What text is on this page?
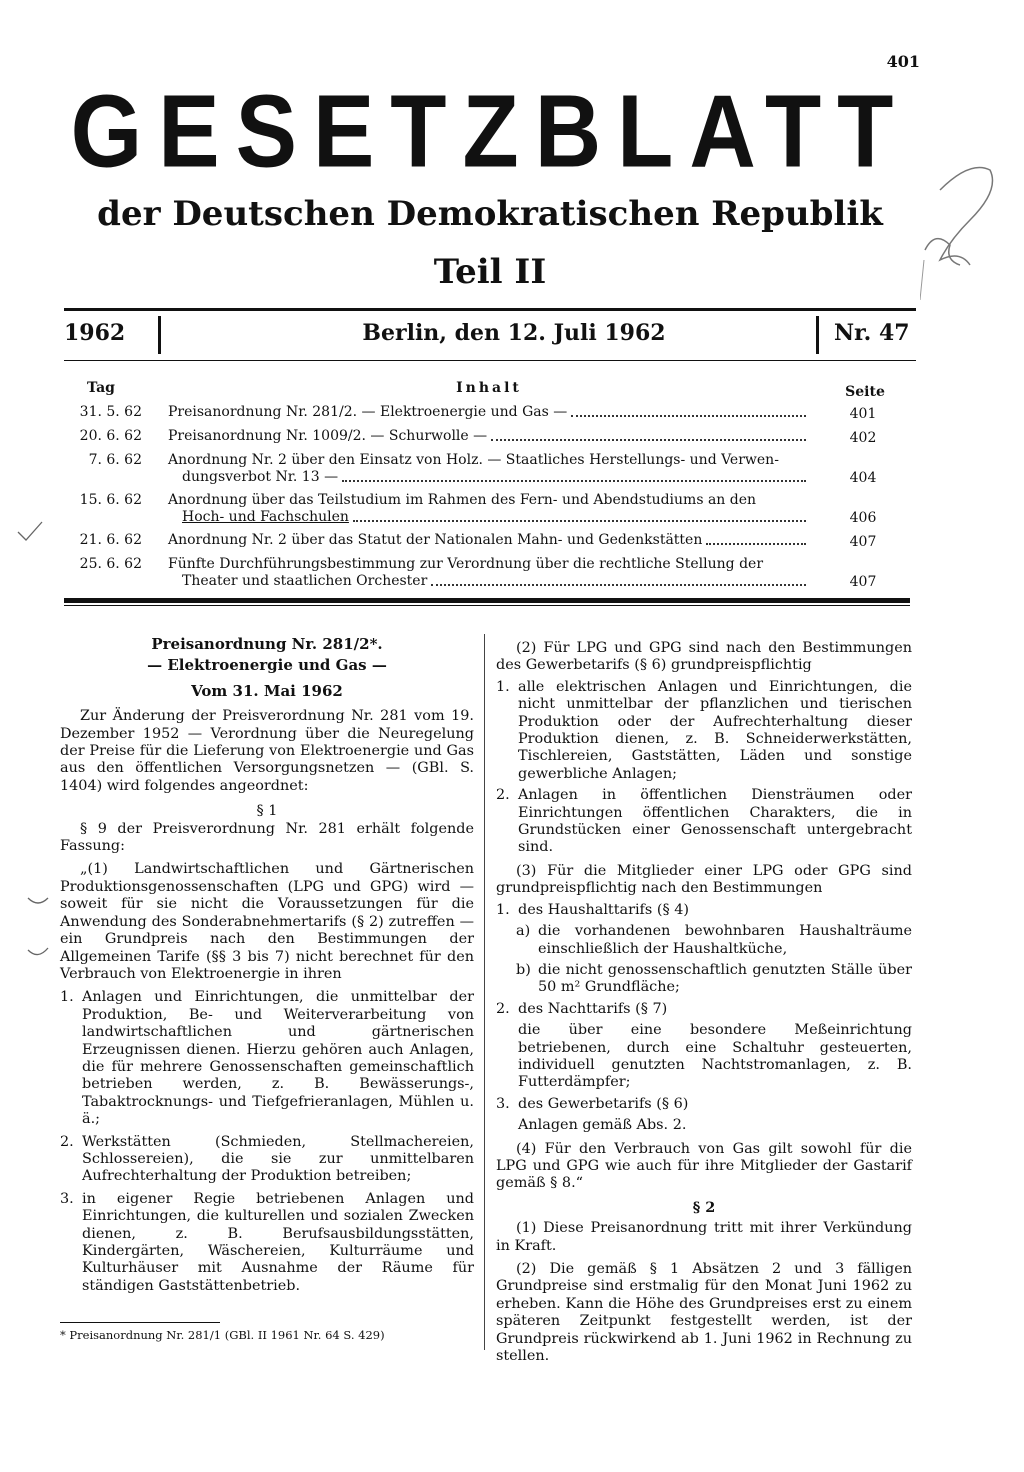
401
GESETZBLATT
der Deutschen Demokratischen Republik
Teil II
1962	Berlin, den 12. Juli 1962	Nr. 47
Tag	Inhalt	Seite
31. 5. 62 Preisanordnung Nr. 281/2. — Elektroenergie und Gas —	401
20. 6. 62 Preisanordnung Nr. 1009/2. — Schurwolle —	402
7. 6. 62 Anordnung Nr. 2 über den Einsatz von Holz. — Staatliches Herstellungs- und Verwen-
dungsverbot Nr. 13 —	404
15. 6. 62 Anordnung über das Teilstudium im Rahmen des Fern- und Abendstudiums an den
Hoch- und Fachschulen	406
21. 6. 62 Anordnung Nr. 2 über das Statut der Nationalen Mahn- und Gedenkstätten	407
25. 6. 62 Fünfte Durchführungsbestimmung zur Verordnung über die rechtliche Stellung der
Theater und staatlichen Orchester	407

Preisanordnung Nr. 281/2*.

— Elektroenergie und Gas —

Vom 31. Mai 1962

Zur Änderung der Preisverordnung Nr. 281 vom 19. Dezember 1952 — Verordnung über die Neuregelung der Preise für die Lieferung von Elektroenergie und Gas aus den öffentlichen Versorgungsnetzen — (GBl. S. 1404) wird folgendes angeordnet:

§ 1

§ 9 der Preisverordnung Nr. 281 erhält folgende Fassung:

„(1) Landwirtschaftlichen und Gärtnerischen Produktionsgenossenschaften (LPG und GPG) wird — soweit für sie nicht die Voraussetzungen für die Anwendung des Sonderabnehmertarifs (§ 2) zutreffen — ein Grundpreis nach den Bestimmungen der Allgemeinen Tarife (§§ 3 bis 7) nicht berechnet für den Verbrauch von Elektroenergie in ihren

1. Anlagen und Einrichtungen, die unmittelbar der Produktion, Be- und Weiterverarbeitung von landwirtschaftlichen und gärtnerischen Erzeugnissen dienen. Hierzu gehören auch Anlagen, die für mehrere Genossenschaften gemeinschaftlich betrieben werden, z. B. Bewässerungs-, Tabaktrocknungs- und Tiefgefrieranlagen, Mühlen u. ä.;
2. Werkstätten (Schmieden, Stellmachereien, Schlossereien), die sie zur unmittelbaren Aufrechterhaltung der Produktion betreiben;
3. in eigener Regie betriebenen Anlagen und Einrichtungen, die kulturellen und sozialen Zwecken dienen, z. B. Berufsausbildungsstätten, Kindergärten, Wäschereien, Kulturräume und Kulturhäuser mit Ausnahme der Räume für ständigen Gaststättenbetrieb.
* Preisanordnung Nr. 281/1 (GBl. II 1961 Nr. 64 S. 429)

(2) Für LPG und GPG sind nach den Bestimmungen des Gewerbetarifs (§ 6) grundpreispflichtig

1. alle elektrischen Anlagen und Einrichtungen, die nicht unmittelbar der pflanzlichen und tierischen Produktion oder der Aufrechterhaltung dieser Produktion dienen, z. B. Schneiderwerkstätten, Tischlereien, Gaststätten, Läden und sonstige gewerbliche Anlagen;
2. Anlagen in öffentlichen Diensträumen oder Einrichtungen öffentlichen Charakters, die in Grundstücken einer Genossenschaft untergebracht sind.

(3) Für die Mitglieder einer LPG oder GPG sind grundpreispflichtig nach den Bestimmungen

1. des Haushalttarifs (§ 4)
a) die vorhandenen bewohnbaren Haushalträume einschließlich der Haushaltküche,
b) die nicht genossenschaftlich genutzten Ställe über 50 m² Grundfläche;
2. des Nachttarifs (§ 7)

die über eine besondere Meßeinrichtung betriebenen, durch eine Schaltuhr gesteuerten, individuell genutzten Nachtstromanlagen, z. B. Futterdämpfer;

3. des Gewerbetarifs (§ 6)

Anlagen gemäß Abs. 2.

(4) Für den Verbrauch von Gas gilt sowohl für die LPG und GPG wie auch für ihre Mitglieder der Gastarif gemäß § 8.“

§ 2

(1) Diese Preisanordnung tritt mit ihrer Verkündung in Kraft.

(2) Die gemäß § 1 Absätzen 2 und 3 fälligen Grundpreise sind erstmalig für den Monat Juni 1962 zu erheben. Kann die Höhe des Grundpreises erst zu einem späteren Zeitpunkt festgestellt werden, ist der Grundpreis rückwirkend ab 1. Juni 1962 in Rechnung zu stellen.
